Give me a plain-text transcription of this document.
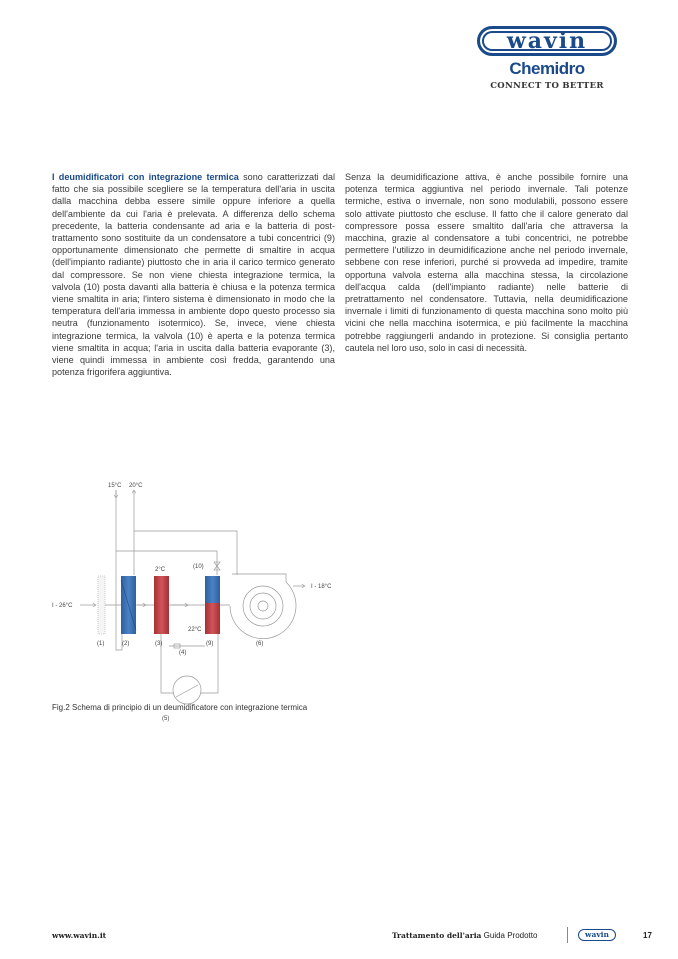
wavin
Chemidro
CONNECT TO BETTER

I deumidificatori con integrazione termica sono caratterizzati dal fatto che sia possibile scegliere se la temperatura dell'aria in uscita dalla macchina debba essere simile oppure inferiore a quella dell'ambiente da cui l'aria è prelevata. A differenza dello schema precedente, la batteria condensante ad aria e la batteria di post-trattamento sono sostituite da un condensatore a tubi concentrici (9) opportunamente dimensionato che permette di smaltire in acqua (dell'impianto radiante) piuttosto che in aria il carico termico generato dal compressore. Se non viene chiesta integrazione termica, la valvola (10) posta davanti alla batteria è chiusa e la potenza termica viene smaltita in aria; l'intero sistema è dimensionato in modo che la temperatura dell'aria immessa in ambiente dopo questo processo sia neutra (funzionamento isotermico). Se, invece, viene chiesta integrazione termica, la valvola (10) è aperta e la potenza termica viene smaltita in acqua; l'aria in uscita dalla batteria evaporante (3), viene quindi immessa in ambiente così fredda, garantendo una potenza frigorifera aggiuntiva.

Senza la deumidificazione attiva, è anche possibile fornire una potenza termica aggiuntiva nel periodo invernale. Tali potenze termiche, estiva o invernale, non sono modulabili, possono essere solo attivate piuttosto che escluse. Il fatto che il calore generato dal compressore possa essere smaltito dall'aria che attraversa la macchina, grazie al condensatore a tubi concentrici, ne potrebbe permettere l'utilizzo in deumidificazione anche nel periodo invernale, sebbene con rese inferiori, purché si provveda ad impedire, tramite opportuna valvola esterna alla macchina stessa, la circolazione dell'acqua calda (dell'impianto radiante) nelle batterie di pretrattamento nel condensatore. Tuttavia, nella deumidificazione invernale i limiti di funzionamento di questa macchina sono molto più vicini che nella macchina isotermica, e più facilmente la macchina potrebbe raggiungerli andando in protezione. Si consiglia pertanto cautela nel loro uso, solo in casi di necessità.

15°C 20°C
I - 26°C
I - 18°C
2°C
22°C
(1)	(2)	(3)	(9)	(6)
(4)
(5)
(10)
Fig.2 Schema di principio di un deumidificatore con integrazione termica
www.wavin.it	Trattamento dell'aria Guida Prodotto	wavin	17
